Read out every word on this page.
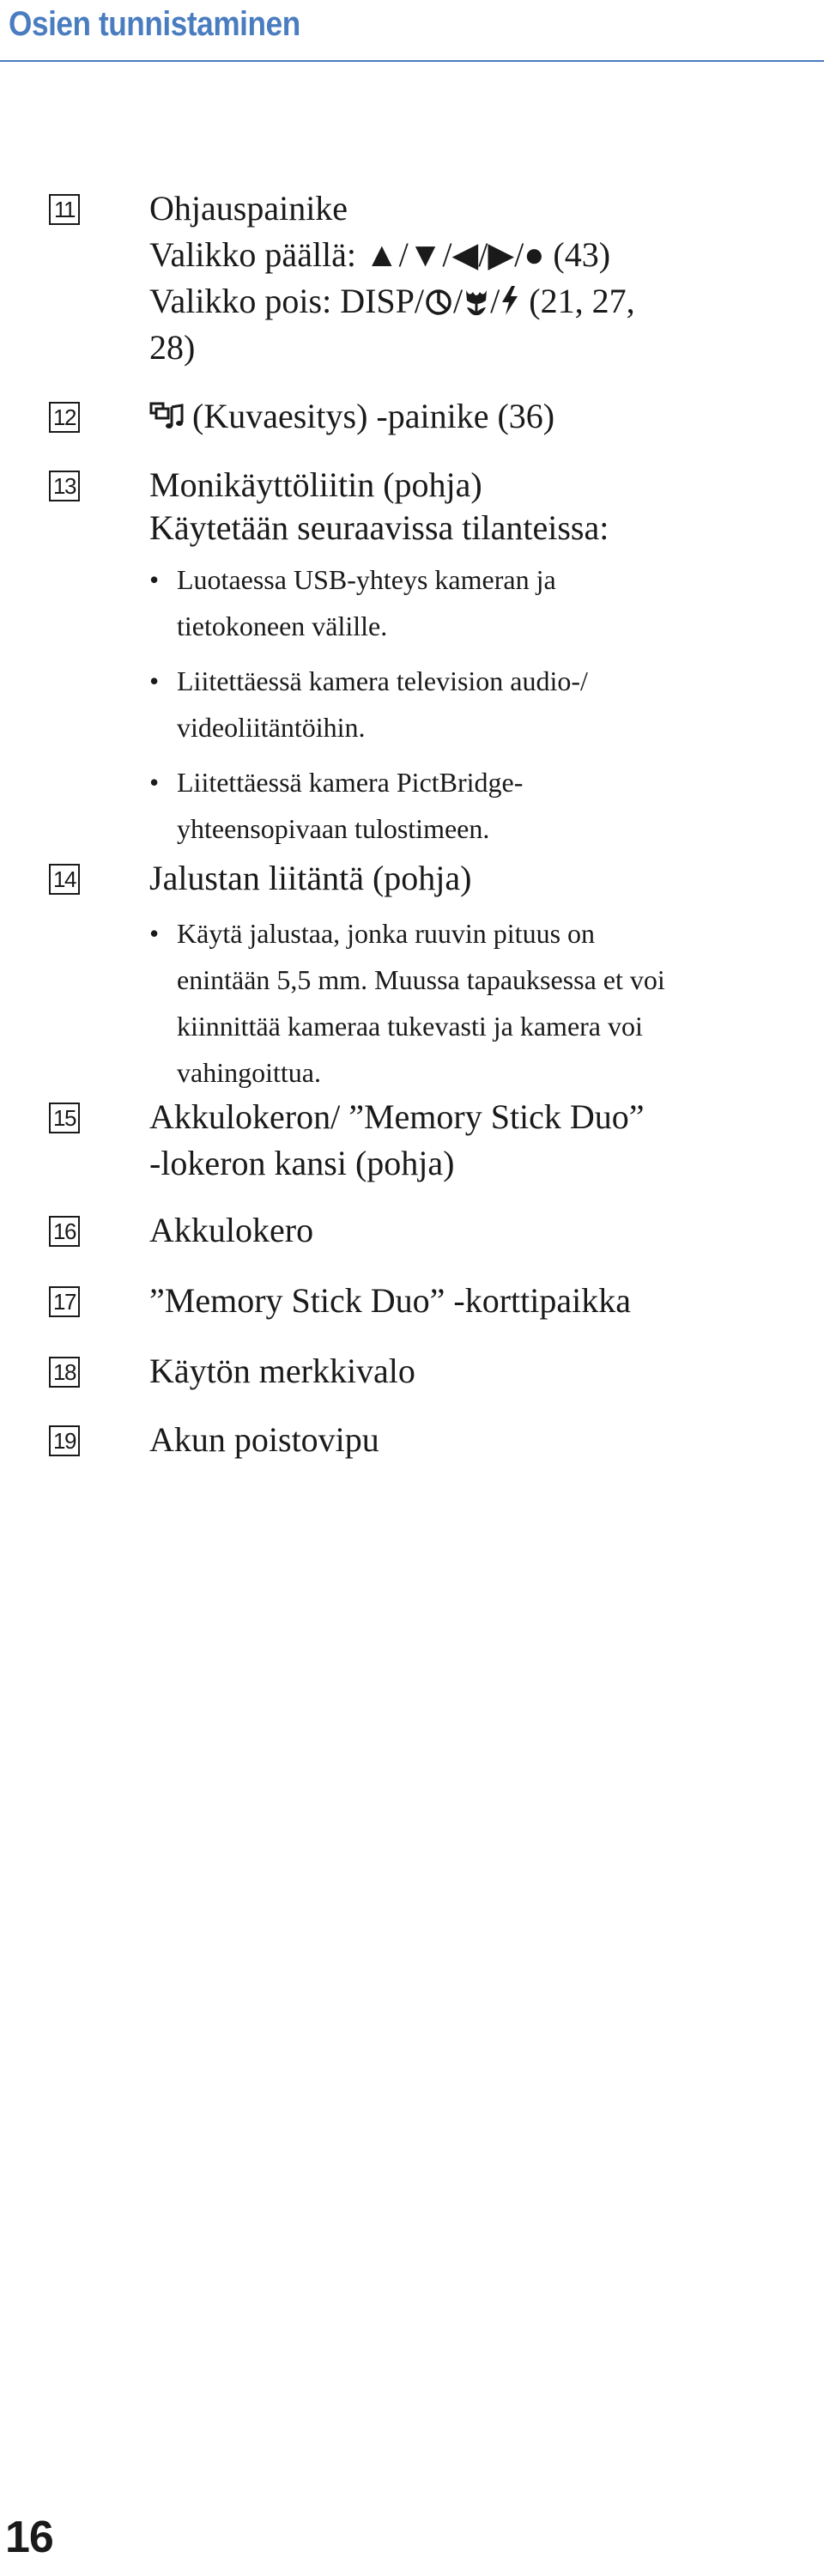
Osien tunnistaminen
11 Ohjauspainike
Valikko päällä: ▲/▼/◀/▶/● (43)
Valikko pois: DISP/ / / (21, 27,
28)
12	(Kuvaesitys) -painike (36)
13 Monikäyttöliitin (pohja)
Käytetään seuraavissa tilanteissa:
• Luotaessa USB-yhteys kameran ja
tietokoneen välille.
• Liitettäessä kamera television audio-/
videoliitäntöihin.
• Liitettäessä kamera PictBridge-
yhteensopivaan tulostimeen.
14 Jalustan liitäntä (pohja)
• Käytä jalustaa, jonka ruuvin pituus on
enintään 5,5 mm. Muussa tapauksessa et voi
kiinnittää kameraa tukevasti ja kamera voi
vahingoittua.
15 Akkulokeron/ ”Memory Stick Duo”
-lokeron kansi (pohja)
16 Akkulokero
17 ”Memory Stick Duo” -korttipaikka
18 Käytön merkkivalo
19 Akun poistovipu
16
